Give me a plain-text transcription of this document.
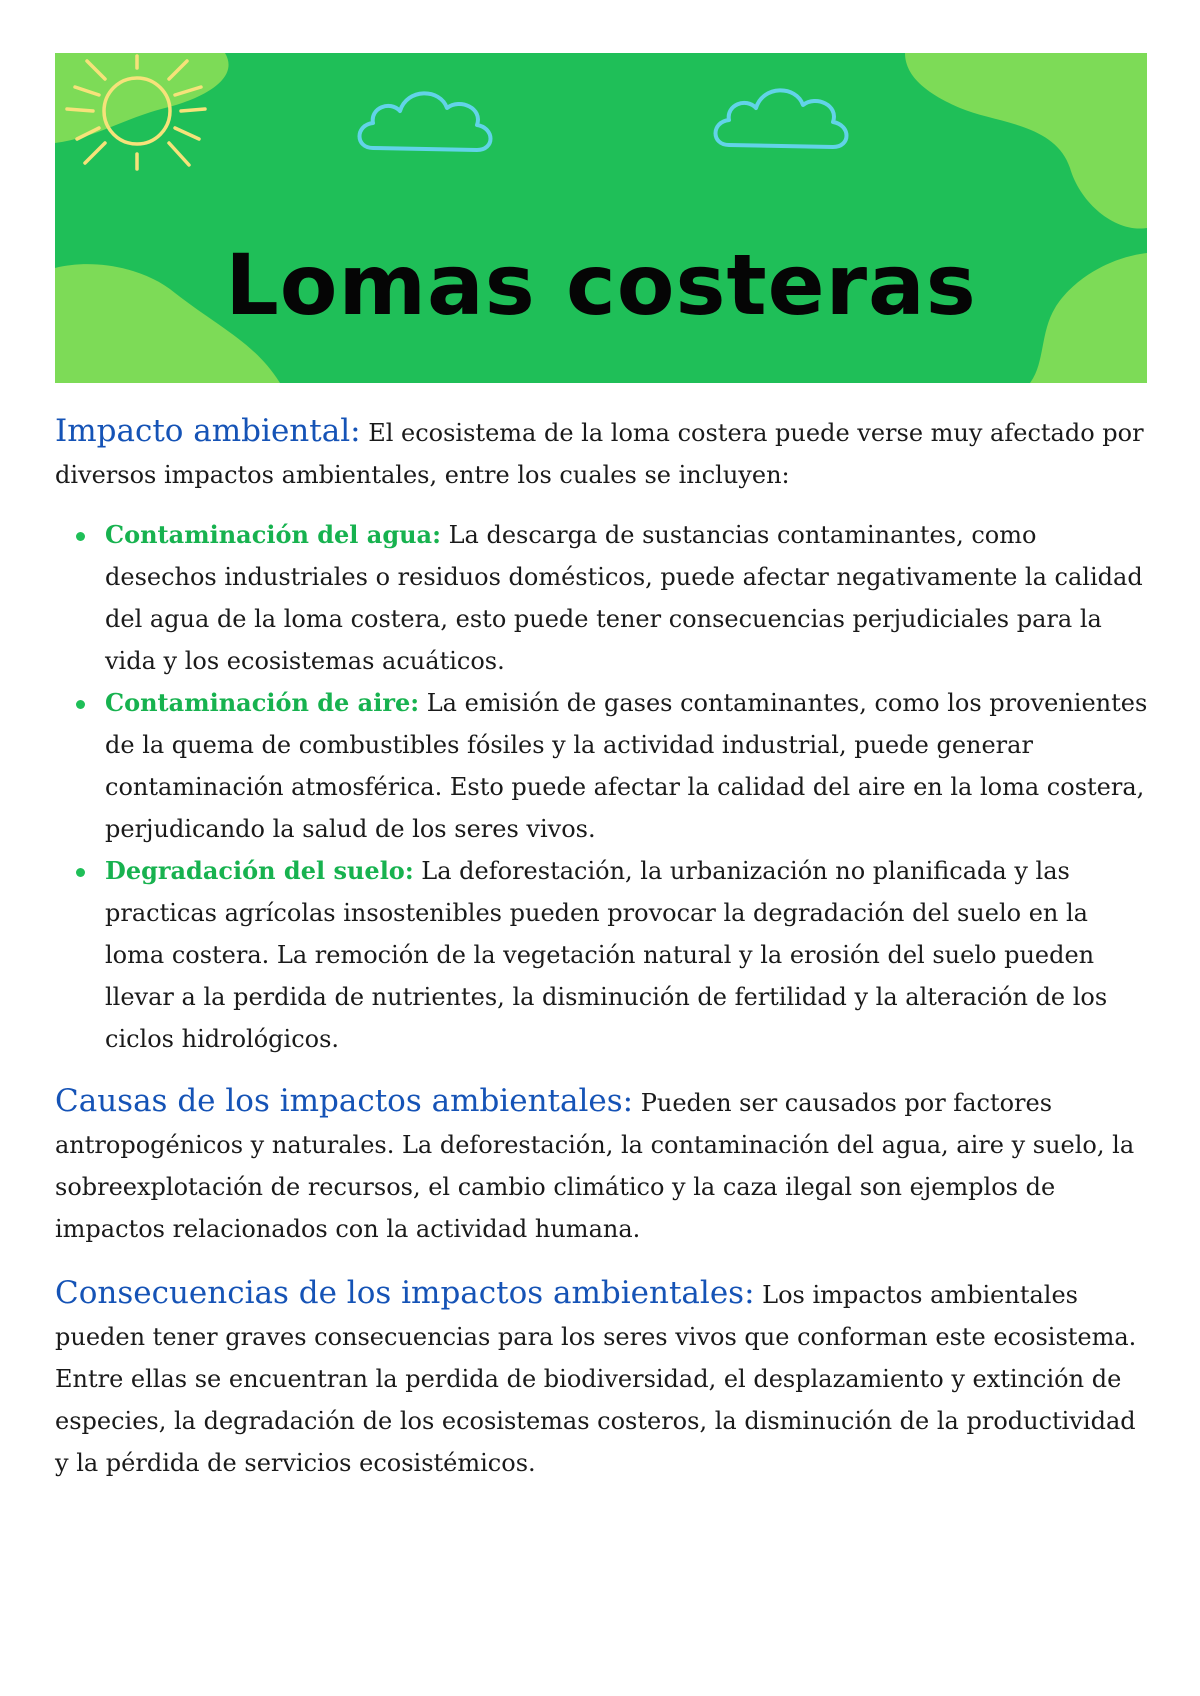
Lomas costeras

Impacto ambiental: El ecosistema de la loma costera puede verse muy afectado por diversos impactos ambientales, entre los cuales se incluyen:

Contaminación del agua: La descarga de sustancias contaminantes, como desechos industriales o residuos domésticos, puede afectar negativamente la calidad del agua de la loma costera, esto puede tener consecuencias perjudiciales para la vida y los ecosistemas acuáticos.
Contaminación de aire: La emisión de gases contaminantes, como los provenientes de la quema de combustibles fósiles y la actividad industrial, puede generar contaminación atmosférica. Esto puede afectar la calidad del aire en la loma costera, perjudicando la salud de los seres vivos.
Degradación del suelo: La deforestación, la urbanización no planificada y las practicas agrícolas insostenibles pueden provocar la degradación del suelo en la loma costera. La remoción de la vegetación natural y la erosión del suelo pueden llevar a la perdida de nutrientes, la disminución de fertilidad y la alteración de los ciclos hidrológicos.

Causas de los impactos ambientales: Pueden ser causados por factores antropogénicos y naturales. La deforestación, la contaminación del agua, aire y suelo, la sobreexplotación de recursos, el cambio climático y la caza ilegal son ejemplos de impactos relacionados con la actividad humana.

Consecuencias de los impactos ambientales: Los impactos ambientales pueden tener graves consecuencias para los seres vivos que conforman este ecosistema. Entre ellas se encuentran la perdida de biodiversidad, el desplazamiento y extinción de especies, la degradación de los ecosistemas costeros, la disminución de la productividad y la pérdida de servicios ecosistémicos.
